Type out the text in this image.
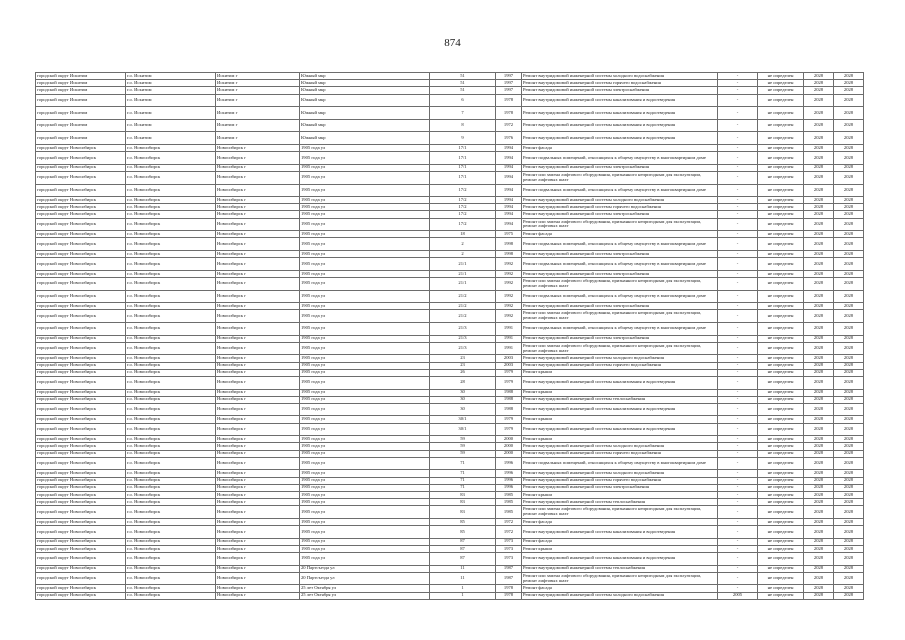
874
городской округ Искитим	г.о. Искитим	Искитим г	Южный мкр	51	1997	Ремонт внутридомовой инженерной системы холодного водоснабжения	-	не определен	2028	2028
городской округ Искитим	г.о. Искитим	Искитим г	Южный мкр	51	1997	Ремонт внутридомовой инженерной системы горячего водоснабжения	-	не определен	2028	2028
городской округ Искитим	г.о. Искитим	Искитим г	Южный мкр	51	1997	Ремонт внутридомовой инженерной системы электроснабжения	-	не определен	2028	2028
городской округ Искитим	г.о. Искитим	Искитим г	Южный мкр	6	1978	Ремонт внутридомовой инженерной системы канализования и водоотведения	-	не определен	2028	2028
городской округ Искитим	г.о. Искитим	Искитим г	Южный мкр	7	1978	Ремонт внутридомовой инженерной системы канализования и водоотведения	-	не определен	2028	2028
городской округ Искитим	г.о. Искитим	Искитим г	Южный мкр	8	1972	Ремонт внутридомовой инженерной системы канализования и водоотведения	-	не определен	2028	2028
городской округ Искитим	г.о. Искитим	Искитим г	Южный мкр	9	1976	Ремонт внутридомовой инженерной системы канализования и водоотведения	-	не определен	2028	2028
городской округ Новосибирск	г.о. Новосибирск	Новосибирск г	1905 года ул	17/1	1994	Ремонт фасада	-	не определен	2028	2028
городской округ Новосибирск	г.о. Новосибирск	Новосибирск г	1905 года ул	17/1	1994	Ремонт подвальных помещений, относящихся к общему имуществу в многоквартирном доме	-	не определен	2028	2028
городской округ Новосибирск	г.о. Новосибирск	Новосибирск г	1905 года ул	17/1	1994	Ремонт внутридомовой инженерной системы электроснабжения	-	не определен	2028	2028
городской округ Новосибирск	г.о. Новосибирск	Новосибирск г	1905 года ул	17/1	1994	Ремонт или замена лифтового оборудования, признанного непригодным для эксплуатации, ремонт лифтовых шахт	-	не определен	2028	2028
городской округ Новосибирск	г.о. Новосибирск	Новосибирск г	1905 года ул	17/2	1994	Ремонт подвальных помещений, относящихся к общему имуществу в многоквартирном доме	-	не определен	2028	2028
городской округ Новосибирск	г.о. Новосибирск	Новосибирск г	1905 года ул	17/2	1994	Ремонт внутридомовой инженерной системы холодного водоснабжения	-	не определен	2028	2028
городской округ Новосибирск	г.о. Новосибирск	Новосибирск г	1905 года ул	17/2	1994	Ремонт внутридомовой инженерной системы горячего водоснабжения	-	не определен	2028	2028
городской округ Новосибирск	г.о. Новосибирск	Новосибирск г	1905 года ул	17/2	1994	Ремонт внутридомовой инженерной системы электроснабжения	-	не определен	2028	2028
городской округ Новосибирск	г.о. Новосибирск	Новосибирск г	1905 года ул	17/2	1994	Ремонт или замена лифтового оборудования, признанного непригодным для эксплуатации, ремонт лифтовых шахт	-	не определен	2028	2028
городской округ Новосибирск	г.о. Новосибирск	Новосибирск г	1905 года ул	18	1975	Ремонт фасада	-	не определен	2028	2028
городской округ Новосибирск	г.о. Новосибирск	Новосибирск г	1905 года ул	2	1998	Ремонт подвальных помещений, относящихся к общему имуществу в многоквартирном доме	-	не определен	2028	2028
городской округ Новосибирск	г.о. Новосибирск	Новосибирск г	1905 года ул	2	1998	Ремонт внутридомовой инженерной системы электроснабжения	-	не определен	2028	2028
городской округ Новосибирск	г.о. Новосибирск	Новосибирск г	1905 года ул	21/1	1992	Ремонт подвальных помещений, относящихся к общему имуществу в многоквартирном доме	-	не определен	2028	2028
городской округ Новосибирск	г.о. Новосибирск	Новосибирск г	1905 года ул	21/1	1992	Ремонт внутридомовой инженерной системы электроснабжения	-	не определен	2028	2028
городской округ Новосибирск	г.о. Новосибирск	Новосибирск г	1905 года ул	21/1	1992	Ремонт или замена лифтового оборудования, признанного непригодным для эксплуатации, ремонт лифтовых шахт	-	не определен	2028	2028
городской округ Новосибирск	г.о. Новосибирск	Новосибирск г	1905 года ул	21/2	1992	Ремонт подвальных помещений, относящихся к общему имуществу в многоквартирном доме	-	не определен	2028	2028
городской округ Новосибирск	г.о. Новосибирск	Новосибирск г	1905 года ул	21/2	1992	Ремонт внутридомовой инженерной системы электроснабжения	-	не определен	2028	2028
городской округ Новосибирск	г.о. Новосибирск	Новосибирск г	1905 года ул	21/2	1992	Ремонт или замена лифтового оборудования, признанного непригодным для эксплуатации, ремонт лифтовых шахт	-	не определен	2028	2028
городской округ Новосибирск	г.о. Новосибирск	Новосибирск г	1905 года ул	21/3	1991	Ремонт подвальных помещений, относящихся к общему имуществу в многоквартирном доме	-	не определен	2028	2028
городской округ Новосибирск	г.о. Новосибирск	Новосибирск г	1905 года ул	21/3	1991	Ремонт внутридомовой инженерной системы электроснабжения	-	не определен	2028	2028
городской округ Новосибирск	г.о. Новосибирск	Новосибирск г	1905 года ул	21/3	1991	Ремонт или замена лифтового оборудования, признанного непригодным для эксплуатации, ремонт лифтовых шахт	-	не определен	2028	2028
городской округ Новосибирск	г.о. Новосибирск	Новосибирск г	1905 года ул	23	2003	Ремонт внутридомовой инженерной системы холодного водоснабжения	-	не определен	2028	2028
городской округ Новосибирск	г.о. Новосибирск	Новосибирск г	1905 года ул	23	2003	Ремонт внутридомовой инженерной системы горячего водоснабжения	-	не определен	2028	2028
городской округ Новосибирск	г.о. Новосибирск	Новосибирск г	1905 года ул	26	1979	Ремонт крыши	-	не определен	2028	2028
городской округ Новосибирск	г.о. Новосибирск	Новосибирск г	1905 года ул	28	1979	Ремонт внутридомовой инженерной системы канализования и водоотведения	-	не определен	2028	2028
городской округ Новосибирск	г.о. Новосибирск	Новосибирск г	1905 года ул	30	1988	Ремонт крыши	-	не определен	2028	2028
городской округ Новосибирск	г.о. Новосибирск	Новосибирск г	1905 года ул	30	1988	Ремонт внутридомовой инженерной системы теплоснабжения	-	не определен	2028	2028
городской округ Новосибирск	г.о. Новосибирск	Новосибирск г	1905 года ул	30	1988	Ремонт внутридомовой инженерной системы канализования и водоотведения	-	не определен	2028	2028
городской округ Новосибирск	г.о. Новосибирск	Новосибирск г	1905 года ул	30/1	1979	Ремонт крыши	-	не определен	2028	2028
городской округ Новосибирск	г.о. Новосибирск	Новосибирск г	1905 года ул	30/1	1979	Ремонт внутридомовой инженерной системы канализования и водоотведения	-	не определен	2028	2028
городской округ Новосибирск	г.о. Новосибирск	Новосибирск г	1905 года ул	59	2000	Ремонт крыши	-	не определен	2028	2028
городской округ Новосибирск	г.о. Новосибирск	Новосибирск г	1905 года ул	59	2000	Ремонт внутридомовой инженерной системы холодного водоснабжения	-	не определен	2028	2028
городской округ Новосибирск	г.о. Новосибирск	Новосибирск г	1905 года ул	59	2000	Ремонт внутридомовой инженерной системы горячего водоснабжения	-	не определен	2028	2028
городской округ Новосибирск	г.о. Новосибирск	Новосибирск г	1905 года ул	71	1996	Ремонт подвальных помещений, относящихся к общему имуществу в многоквартирном доме	-	не определен	2028	2028
городской округ Новосибирск	г.о. Новосибирск	Новосибирск г	1905 года ул	71	1996	Ремонт внутридомовой инженерной системы холодного водоснабжения	-	не определен	2028	2028
городской округ Новосибирск	г.о. Новосибирск	Новосибирск г	1905 года ул	71	1996	Ремонт внутридомовой инженерной системы горячего водоснабжения	-	не определен	2028	2028
городской округ Новосибирск	г.о. Новосибирск	Новосибирск г	1905 года ул	71	1996	Ремонт внутридомовой инженерной системы электроснабжения	-	не определен	2028	2028
городской округ Новосибирск	г.о. Новосибирск	Новосибирск г	1905 года ул	83	1985	Ремонт крыши	-	не определен	2028	2028
городской округ Новосибирск	г.о. Новосибирск	Новосибирск г	1905 года ул	83	1985	Ремонт внутридомовой инженерной системы теплоснабжения	-	не определен	2028	2028
городской округ Новосибирск	г.о. Новосибирск	Новосибирск г	1905 года ул	83	1985	Ремонт или замена лифтового оборудования, признанного непригодным для эксплуатации, ремонт лифтовых шахт	-	не определен	2028	2028
городской округ Новосибирск	г.о. Новосибирск	Новосибирск г	1905 года ул	85	1972	Ремонт фасада	-	не определен	2028	2028
городской округ Новосибирск	г.о. Новосибирск	Новосибирск г	1905 года ул	85	1972	Ремонт внутридомовой инженерной системы канализования и водоотведения	-	не определен	2028	2028
городской округ Новосибирск	г.о. Новосибирск	Новосибирск г	1905 года ул	87	1973	Ремонт фасада	-	не определен	2028	2028
городской округ Новосибирск	г.о. Новосибирск	Новосибирск г	1905 года ул	87	1973	Ремонт крыши	-	не определен	2028	2028
городской округ Новосибирск	г.о. Новосибирск	Новосибирск г	1905 года ул	87	1973	Ремонт внутридомовой инженерной системы канализования и водоотведения	-	не определен	2028	2028
городской округ Новосибирск	г.о. Новосибирск	Новосибирск г	20 Партсъезда ул	11	1987	Ремонт внутридомовой инженерной системы теплоснабжения	-	не определен	2028	2028
городской округ Новосибирск	г.о. Новосибирск	Новосибирск г	20 Партсъезда ул	11	1987	Ремонт или замена лифтового оборудования, признанного непригодным для эксплуатации, ремонт лифтовых шахт	-	не определен	2028	2028
городской округ Новосибирск	г.о. Новосибирск	Новосибирск г	25 лет Октября ул	1	1978	Ремонт фасада	-	не определен	2028	2028
городской округ Новосибирск	г.о. Новосибирск	Новосибирск г	25 лет Октября ул	1	1978	Ремонт внутридомовой инженерной системы холодного водоснабжения	2005	не определен	2028	2028
